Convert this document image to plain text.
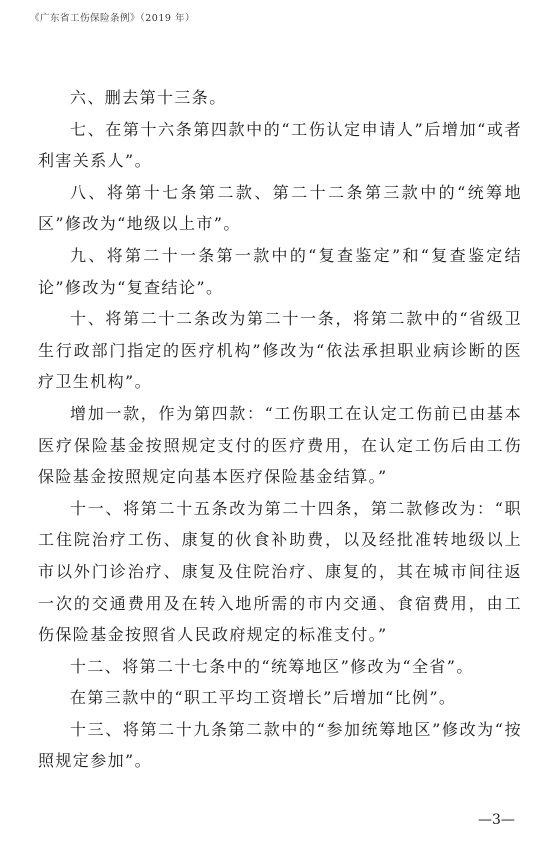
《广东省工伤保险条例》（2019 年）

六、删去第十三条。

七、在第十六条第四款中的“工伤认定申请人”后增加“或者利害关系人”。

八、将第十七条第二款、第二十二条第三款中的“统筹地区”修改为“地级以上市”。

九、将第二十一条第一款中的“复查鉴定”和“复查鉴定结论”修改为“复查结论”。

十、将第二十二条改为第二十一条，将第二款中的“省级卫生行政部门指定的医疗机构”修改为“依法承担职业病诊断的医疗卫生机构”。

增加一款，作为第四款：“工伤职工在认定工伤前已由基本医疗保险基金按照规定支付的医疗费用，在认定工伤后由工伤保险基金按照规定向基本医疗保险基金结算。”

十一、将第二十五条改为第二十四条，第二款修改为：“职工住院治疗工伤、康复的伙食补助费，以及经批准转地级以上市以外门诊治疗、康复及住院治疗、康复的，其在城市间往返一次的交通费用及在转入地所需的市内交通、食宿费用，由工伤保险基金按照省人民政府规定的标准支付。”

十二、将第二十七条中的“统筹地区”修改为“全省”。

在第三款中的“职工平均工资增长”后增加“比例”。

十三、将第二十九条第二款中的“参加统筹地区”修改为“按照规定参加”。

—3—
